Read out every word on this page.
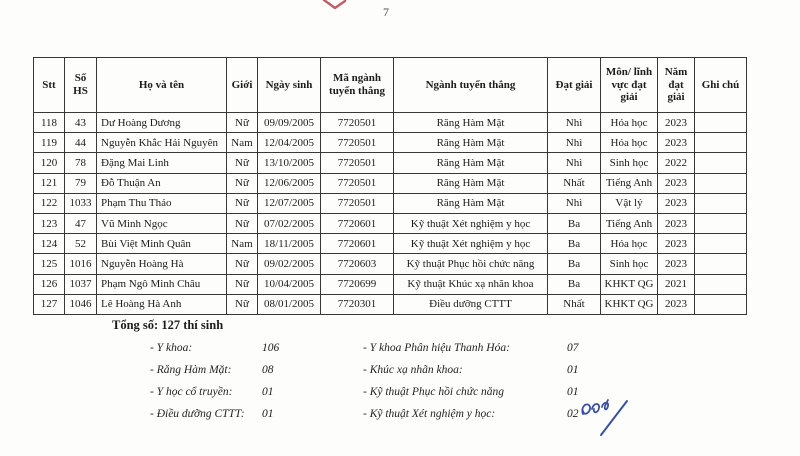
7
Stt	Số HS	Họ và tên	Giới	Ngày sinh	Mã ngành tuyển thẳng	Ngành tuyển thẳng	Đạt giải	Môn/ lĩnh vực đạt giải	Năm đạt giải	Ghi chú
118	43	Dư Hoàng Dương	Nữ	09/09/2005	7720501	Răng Hàm Mặt	Nhì	Hóa học	2023	
119	44	Nguyễn Khắc Hải Nguyên	Nam	12/04/2005	7720501	Răng Hàm Mặt	Nhì	Hóa học	2023	
120	78	Đặng Mai Linh	Nữ	13/10/2005	7720501	Răng Hàm Mặt	Nhì	Sinh học	2022	
121	79	Đỗ Thuận An	Nữ	12/06/2005	7720501	Răng Hàm Mặt	Nhất	Tiếng Anh	2023	
122	1033	Phạm Thu Thảo	Nữ	12/07/2005	7720501	Răng Hàm Mặt	Nhì	Vật lý	2023	
123	47	Vũ Minh Ngọc	Nữ	07/02/2005	7720601	Kỹ thuật Xét nghiệm y học	Ba	Tiếng Anh	2023	
124	52	Bùi Việt Minh Quân	Nam	18/11/2005	7720601	Kỹ thuật Xét nghiệm y học	Ba	Hóa học	2023	
125	1016	Nguyễn Hoàng Hà	Nữ	09/02/2005	7720603	Kỹ thuật Phục hồi chức năng	Ba	Sinh học	2023	
126	1037	Phạm Ngô Minh Châu	Nữ	10/04/2005	7720699	Kỹ thuật Khúc xạ nhãn khoa	Ba	KHKT QG	2021	
127	1046	Lê Hoàng Hà Anh	Nữ	08/01/2005	7720301	Điều dưỡng CTTT	Nhất	KHKT QG	2023	
Tổng số: 127 thí sinh
- Y khoa:	106
- Răng Hàm Mặt:	08
- Y học cổ truyền:	01
- Điều dưỡng CTTT: 01
- Y khoa Phân hiệu Thanh Hóa:	07
- Khúc xạ nhãn khoa:	01
- Kỹ thuật Phục hồi chức năng	01
- Kỹ thuật Xét nghiệm y học:	02
